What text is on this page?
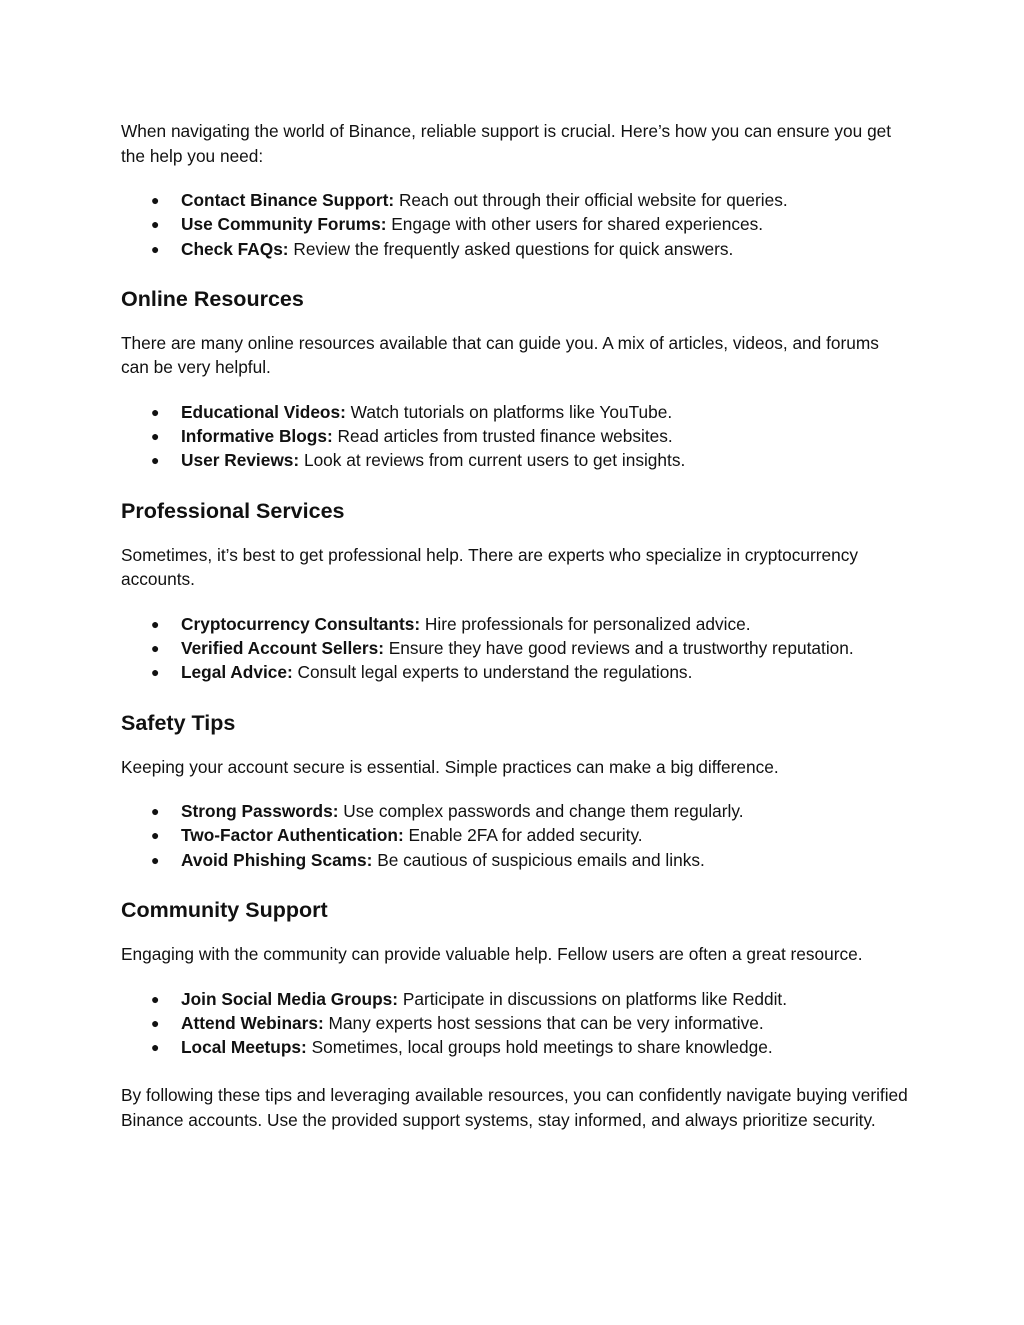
When navigating the world of Binance, reliable support is crucial. Here’s how you can ensure you get the help you need:

● Contact Binance Support: Reach out through their official website for queries.
● Use Community Forums: Engage with other users for shared experiences.
● Check FAQs: Review the frequently asked questions for quick answers.
Online Resources

There are many online resources available that can guide you. A mix of articles, videos, and forums can be very helpful.

● Educational Videos: Watch tutorials on platforms like YouTube.
● Informative Blogs: Read articles from trusted finance websites.
● User Reviews: Look at reviews from current users to get insights.
Professional Services

Sometimes, it’s best to get professional help. There are experts who specialize in cryptocurrency accounts.

● Cryptocurrency Consultants: Hire professionals for personalized advice.
● Verified Account Sellers: Ensure they have good reviews and a trustworthy reputation.
● Legal Advice: Consult legal experts to understand the regulations.
Safety Tips

Keeping your account secure is essential. Simple practices can make a big difference.

● Strong Passwords: Use complex passwords and change them regularly.
● Two-Factor Authentication: Enable 2FA for added security.
● Avoid Phishing Scams: Be cautious of suspicious emails and links.
Community Support

Engaging with the community can provide valuable help. Fellow users are often a great resource.

● Join Social Media Groups: Participate in discussions on platforms like Reddit.
● Attend Webinars: Many experts host sessions that can be very informative.
● Local Meetups: Sometimes, local groups hold meetings to share knowledge.

By following these tips and leveraging available resources, you can confidently navigate buying verified Binance accounts. Use the provided support systems, stay informed, and always prioritize security.
